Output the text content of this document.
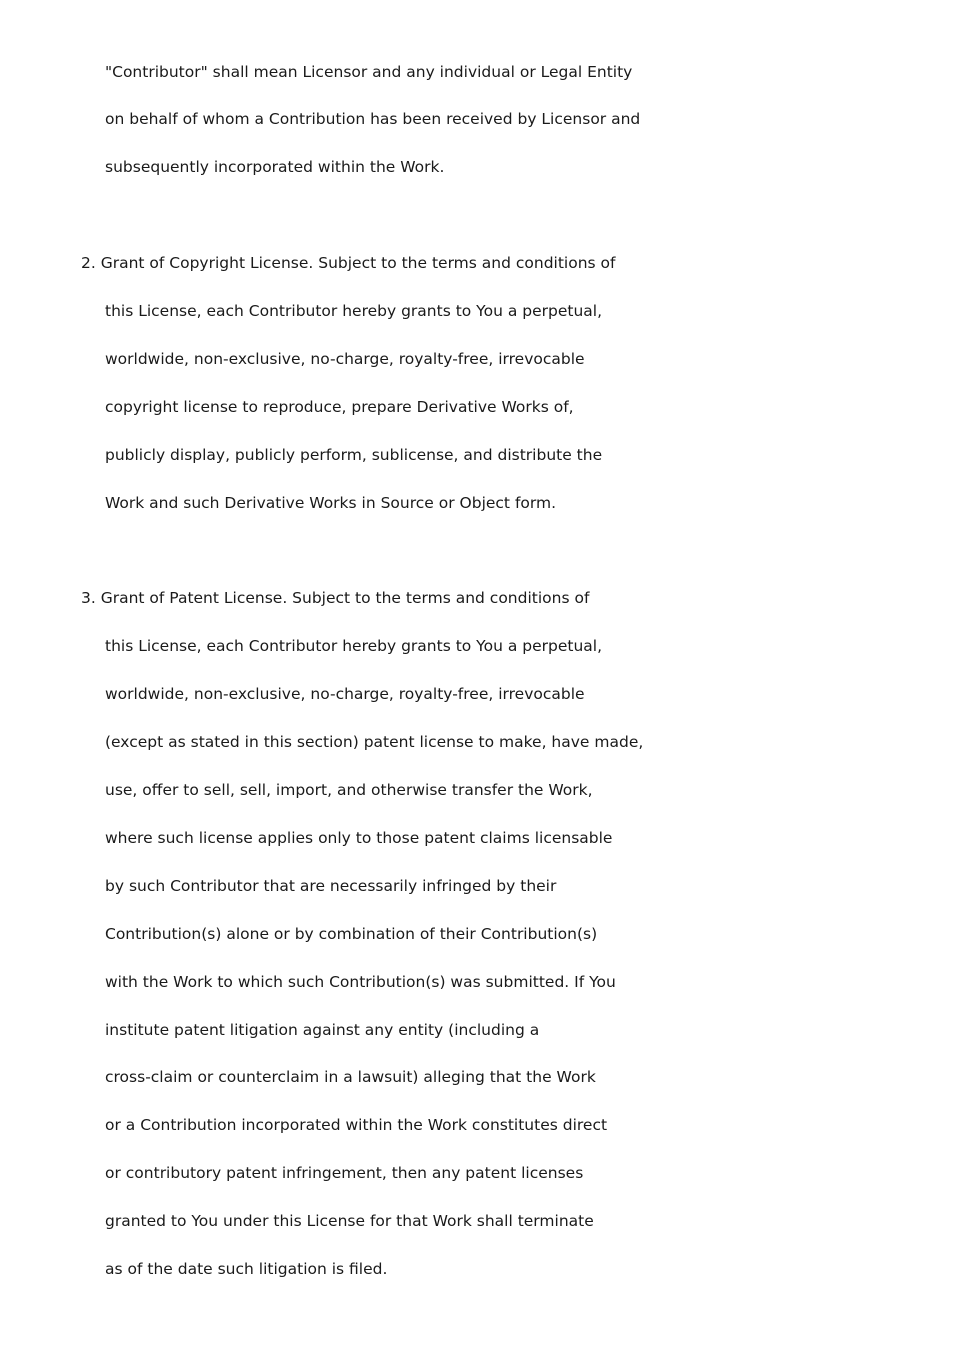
"Contributor" shall mean Licensor and any individual or Legal Entity
on behalf of whom a Contribution has been received by Licensor and
subsequently incorporated within the Work.
2. Grant of Copyright License. Subject to the terms and conditions of
this License, each Contributor hereby grants to You a perpetual,
worldwide, non-exclusive, no-charge, royalty-free, irrevocable
copyright license to reproduce, prepare Derivative Works of,
publicly display, publicly perform, sublicense, and distribute the
Work and such Derivative Works in Source or Object form.
3. Grant of Patent License. Subject to the terms and conditions of
this License, each Contributor hereby grants to You a perpetual,
worldwide, non-exclusive, no-charge, royalty-free, irrevocable
(except as stated in this section) patent license to make, have made,
use, offer to sell, sell, import, and otherwise transfer the Work,
where such license applies only to those patent claims licensable
by such Contributor that are necessarily infringed by their
Contribution(s) alone or by combination of their Contribution(s)
with the Work to which such Contribution(s) was submitted. If You
institute patent litigation against any entity (including a
cross-claim or counterclaim in a lawsuit) alleging that the Work
or a Contribution incorporated within the Work constitutes direct
or contributory patent infringement, then any patent licenses
granted to You under this License for that Work shall terminate
as of the date such litigation is filed.
